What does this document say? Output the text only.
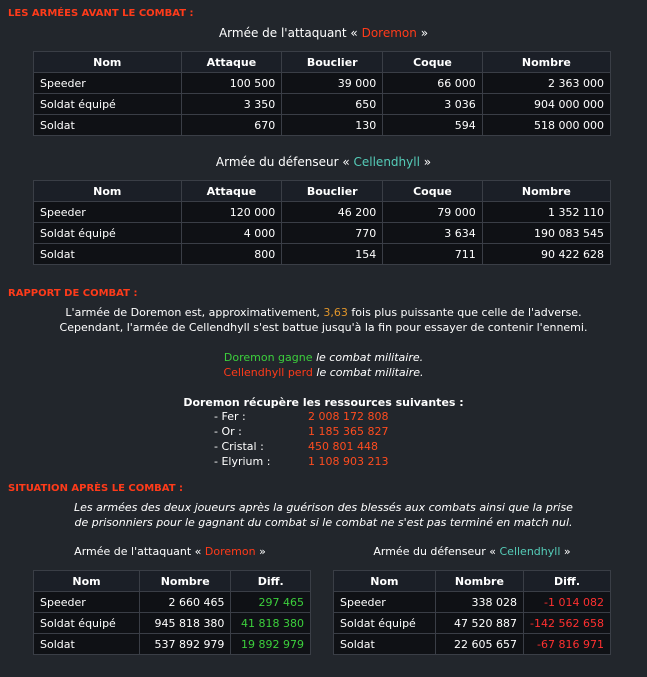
LES ARMÉES AVANT LE COMBAT :
Armée de l'attaquant « Doremon »
Nom	Attaque	Bouclier	Coque	Nombre
Speeder	100 500	39 000	66 000	2 363 000
Soldat équipé	3 350	650	3 036	904 000 000
Soldat	670	130	594	518 000 000
Armée du défenseur « Cellendhyll »
Nom	Attaque	Bouclier	Coque	Nombre
Speeder	120 000	46 200	79 000	1 352 110
Soldat équipé	4 000	770	3 634	190 083 545
Soldat	800	154	711	90 422 628
RAPPORT DE COMBAT :
L'armée de Doremon est, approximativement, 3,63 fois plus puissante que celle de l'adverse.
Cependant, l'armée de Cellendhyll s'est battue jusqu'à la fin pour essayer de contenir l'ennemi.
Doremon gagne le combat militaire.
Cellendhyll perd le combat militaire.
Doremon récupère les ressources suivantes :
- Fer :	2 008 172 808
- Or :	1 185 365 827
- Cristal :	450 801 448
- Elyrium :	1 108 903 213
SITUATION APRÈS LE COMBAT :
Les armées des deux joueurs après la guérison des blessés aux combats ainsi que la prise
de prisonniers pour le gagnant du combat si le combat ne s'est pas terminé en match nul.
Armée de l'attaquant « Doremon »	Armée du défenseur « Cellendhyll »
Nom	Nombre	Diff.
Speeder	2 660 465	297 465
Soldat équipé	945 818 380	41 818 380
Soldat	537 892 979	19 892 979
Nom	Nombre	Diff.
Speeder	338 028	-1 014 082
Soldat équipé	47 520 887	-142 562 658
Soldat	22 605 657	-67 816 971
